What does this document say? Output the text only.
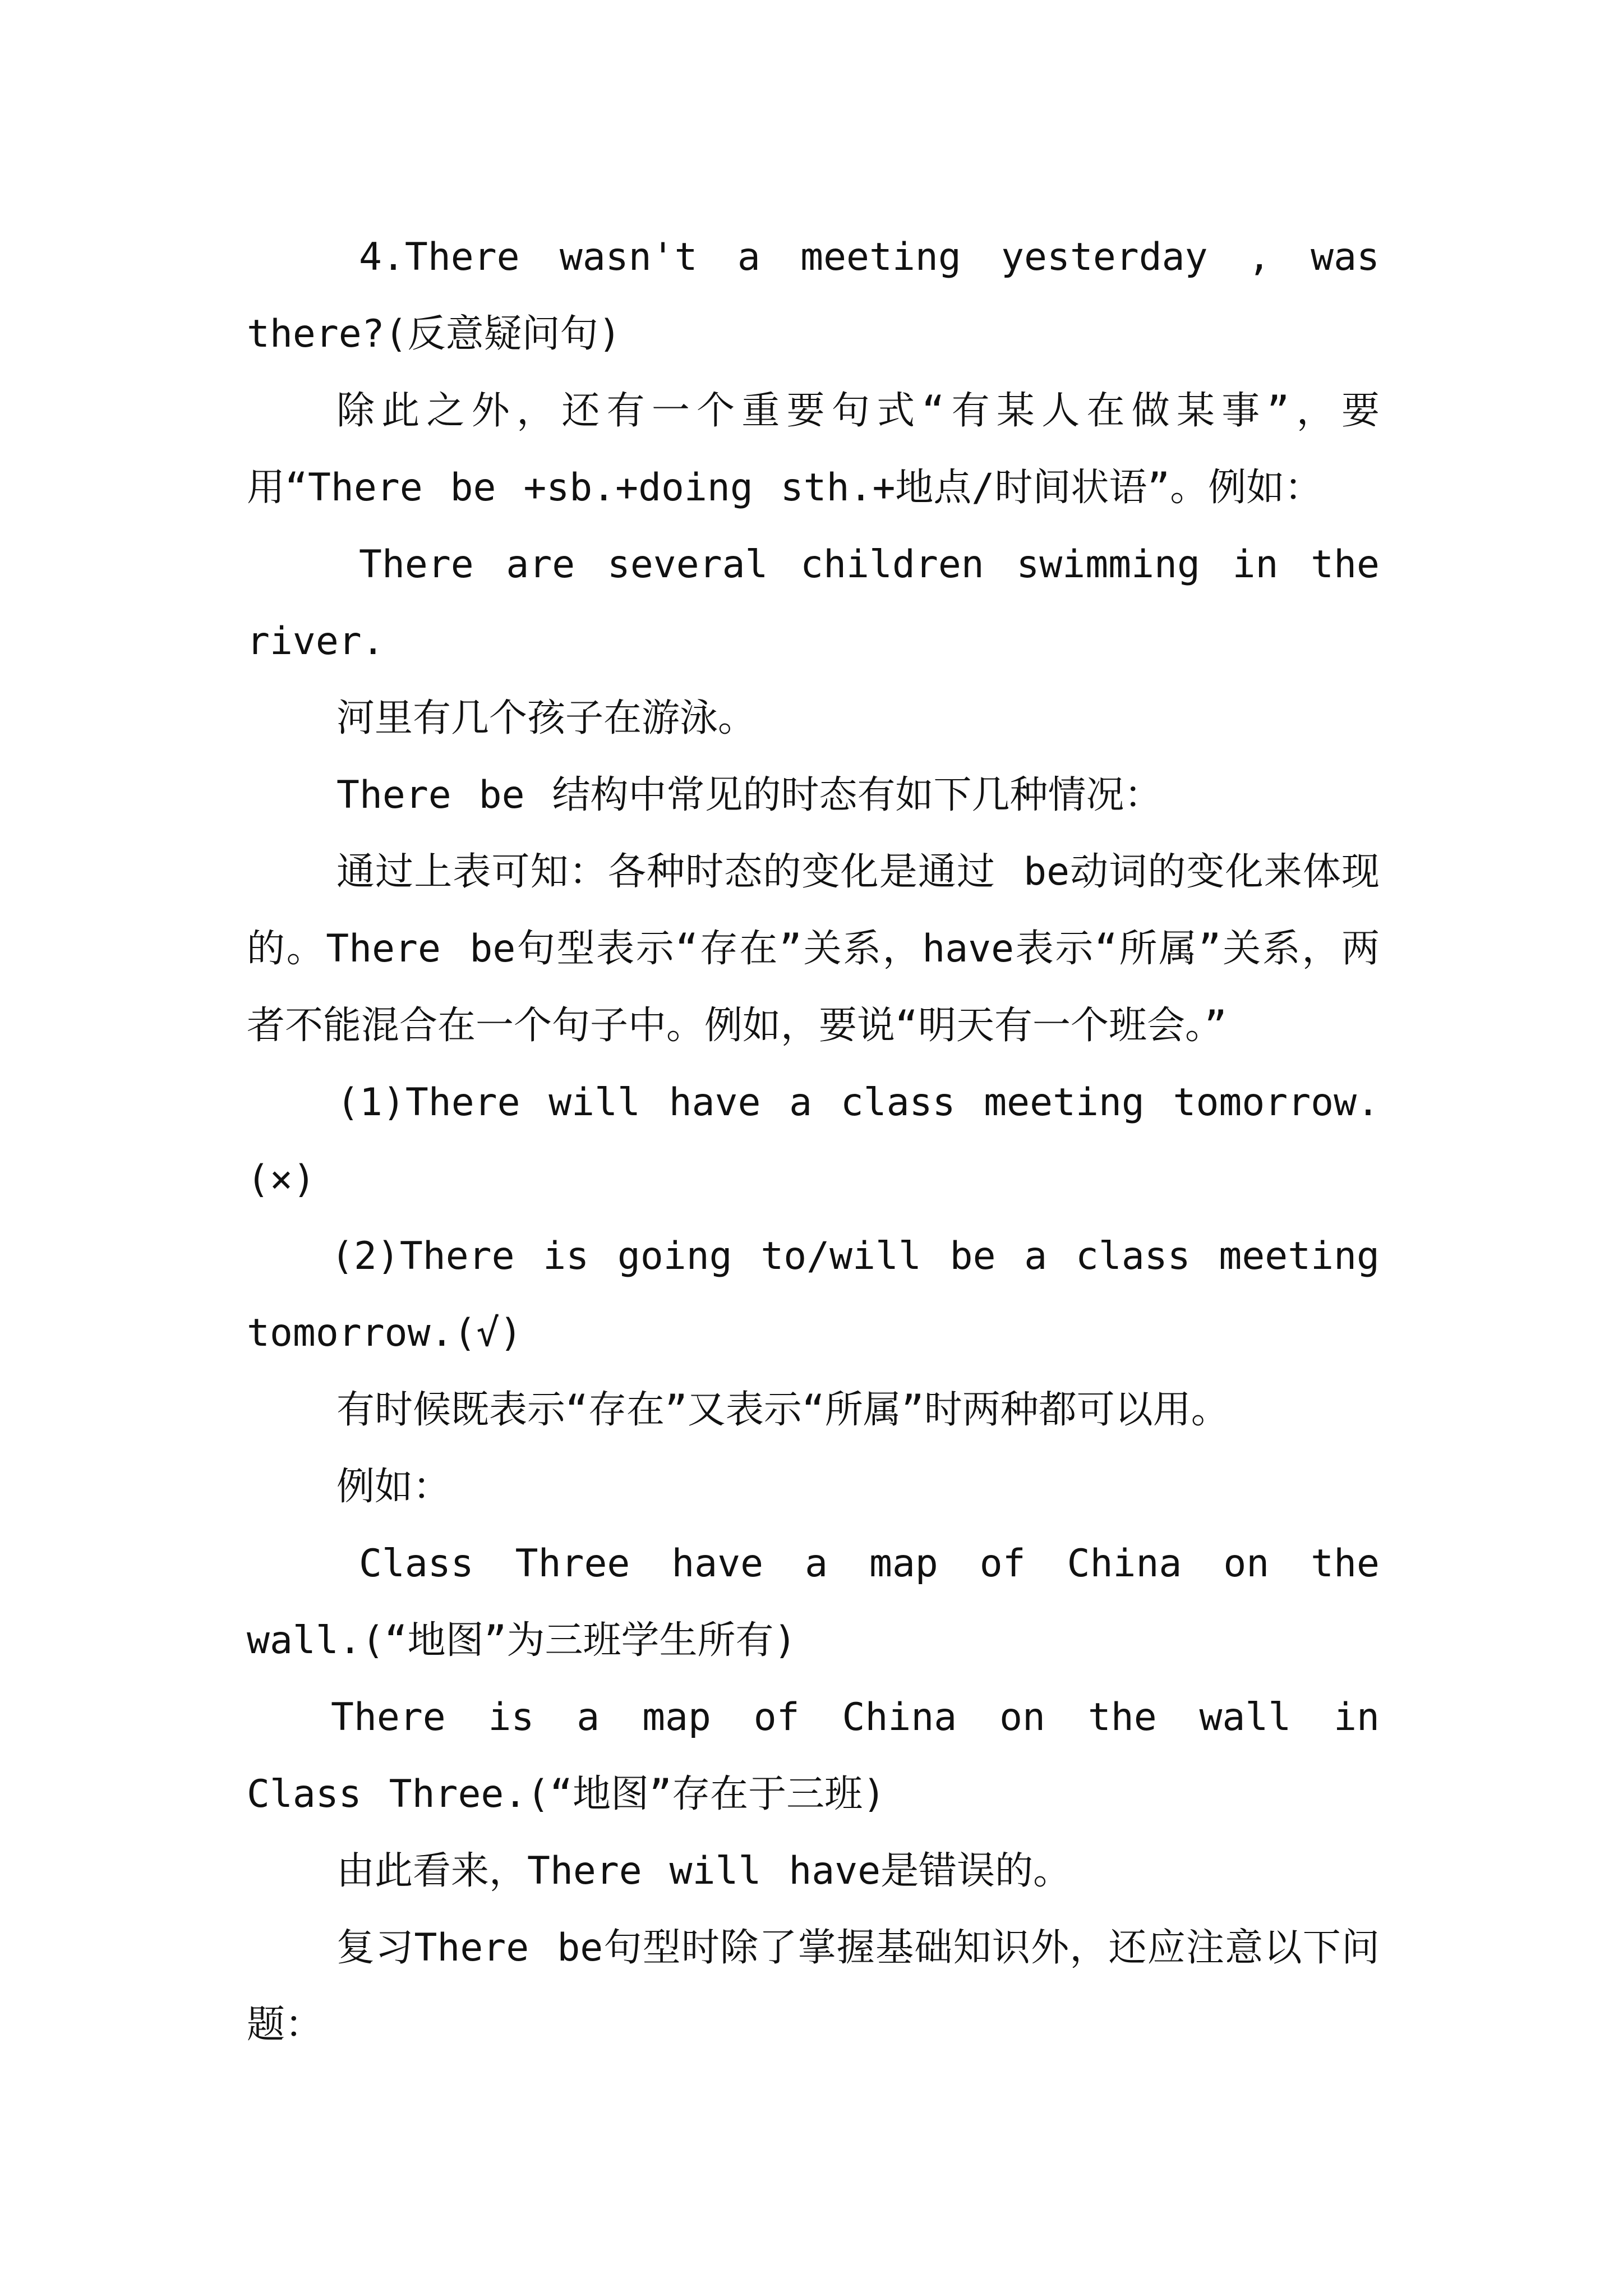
4.There wasn't a meeting yesterday , was there?(反意疑问句)

除此之外，还有一个重要句式“有某人在做某事”，要用“There be +sb.+doing sth.+地点/时间状语”。例如：

There are several children swimming in the river.

河里有几个孩子在游泳。

There be 结构中常见的时态有如下几种情况：

通过上表可知：各种时态的变化是通过 be动词的变化来体现的。There be句型表示“存在”关系，have表示“所属”关系，两者不能混合在一个句子中。例如，要说“明天有一个班会。”

(1)There will have a class meeting tomorrow.(×)

(2)There is going to/will be a class meeting tomorrow.(√)

有时候既表示“存在”又表示“所属”时两种都可以用。

例如：

Class Three have a map of China on the wall.(“地图”为三班学生所有)

There is a map of China on the wall in Class Three.(“地图”存在于三班)

由此看来，There will have是错误的。

复习There be句型时除了掌握基础知识外，还应注意以下问题：
